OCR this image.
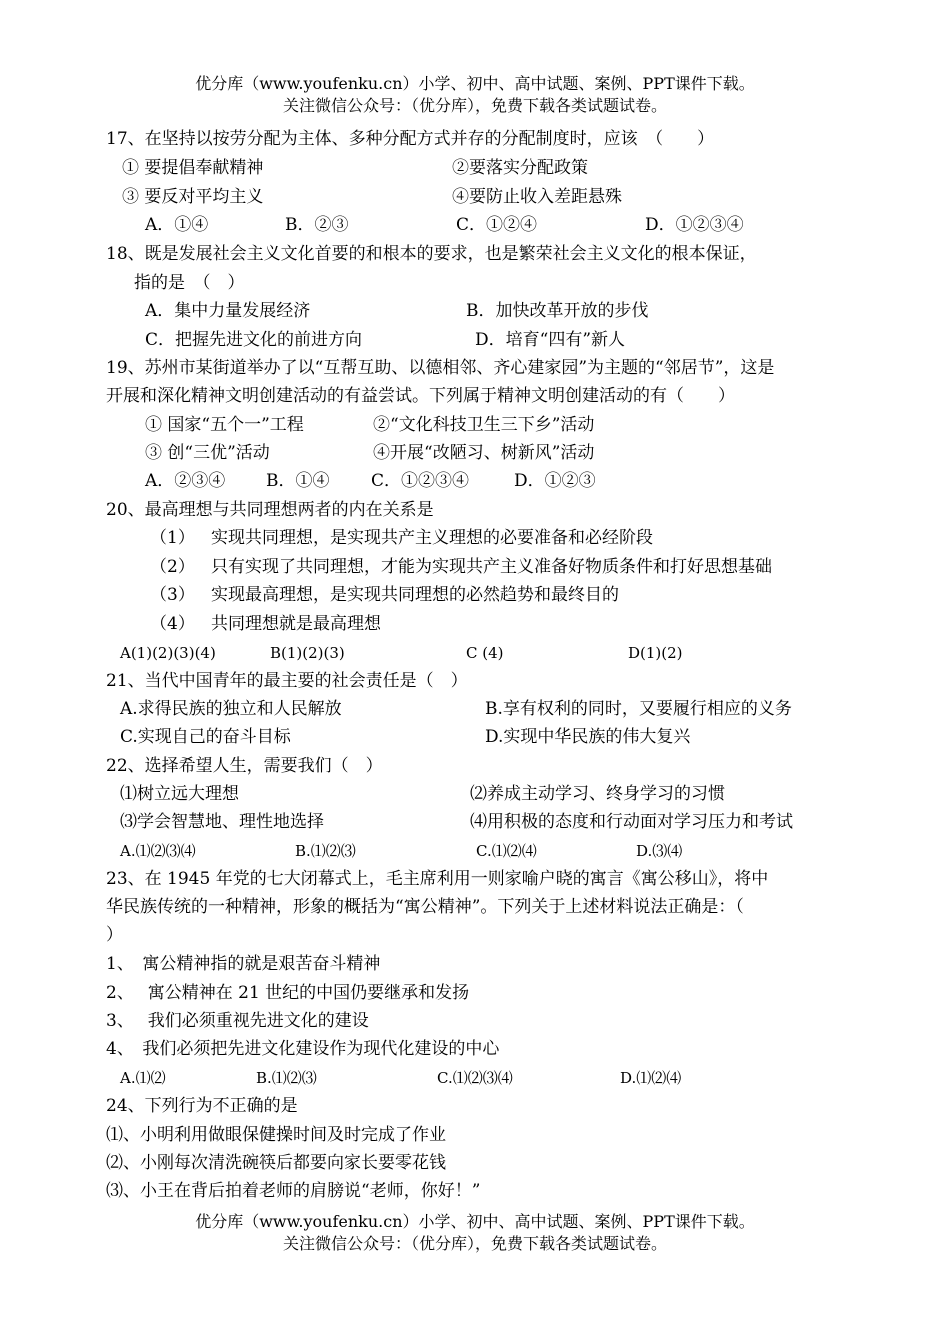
优分库（www.youfenku.cn）小学、初中、高中试题、案例、PPT课件下载。
关注微信公众号：（优分库），免费下载各类试题试卷。
17、在坚持以按劳分配为主体、多种分配方式并存的分配制度时，应该　（　　）
① 要提倡奉献精神	②要落实分配政策
③ 要反对平均主义	④要防止收入差距悬殊
A．①④	B．②③	C．①②④	D．①②③④
18、既是发展社会主义文化首要的和根本的要求，也是繁荣社会主义文化的根本保证，
指的是　（　）
A．集中力量发展经济	B．加快改革开放的步伐
C．把握先进文化的前进方向	D．培育“四有”新人
19、苏州市某街道举办了以“互帮互助、以德相邻、齐心建家园”为主题的“邻居节”，这是
开展和深化精神文明创建活动的有益尝试。下列属于精神文明创建活动的有（　　）
① 国家“五个一”工程	②“文化科技卫生三下乡”活动
③ 创“三优”活动	④开展“改陋习、树新风”活动
A．②③④ B．①④ C．①②③④	D．①②③
20、最高理想与共同理想两者的内在关系是
（1） 实现共同理想，是实现共产主义理想的必要准备和必经阶段
（2） 只有实现了共同理想，才能为实现共产主义准备好物质条件和打好思想基础
（3） 实现最高理想，是实现共同理想的必然趋势和最终目的
（4） 共同理想就是最高理想
A(1)(2)(3)(4)	B(1)(2)(3)	C (4)	D(1)(2)
21、当代中国青年的最主要的社会责任是（　）
A.求得民族的独立和人民解放	B.享有权利的同时，又要履行相应的义务
C.实现自己的奋斗目标	D.实现中华民族的伟大复兴
22、选择希望人生，需要我们（　）
⑴树立远大理想	⑵养成主动学习、终身学习的习惯
⑶学会智慧地、理性地选择	⑷用积极的态度和行动面对学习压力和考试
A.⑴⑵⑶⑷	B.⑴⑵⑶	C.⑴⑵⑷	D.⑶⑷
23、在 1945 年党的七大闭幕式上，毛主席利用一则家喻户晓的寓言《寓公移山》，将中
华民族传统的一种精神，形象的概括为“寓公精神”。下列关于上述材料说法正确是：（
）
1、　寓公精神指的就是艰苦奋斗精神
2、　 寓公精神在 21 世纪的中国仍要继承和发扬
3、　 我们必须重视先进文化的建设
4、　我们必须把先进文化建设作为现代化建设的中心
A.⑴⑵	B.⑴⑵⑶	C.⑴⑵⑶⑷	D.⑴⑵⑷
24、下列行为不正确的是
⑴、小明利用做眼保健操时间及时完成了作业
⑵、小刚每次清洗碗筷后都要向家长要零花钱
⑶、小王在背后拍着老师的肩膀说“老师，你好！”
优分库（www.youfenku.cn）小学、初中、高中试题、案例、PPT课件下载。
关注微信公众号：（优分库），免费下载各类试题试卷。
